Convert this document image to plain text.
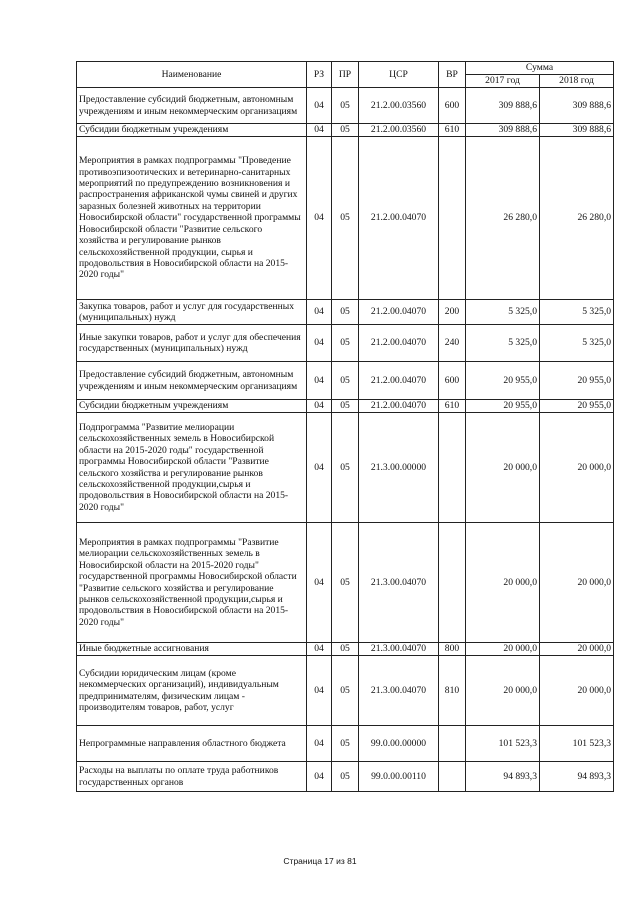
Наименование	РЗ	ПР	ЦСР	ВР	Сумма	
					2017 год	2018 год
Предоставление субсидий бюджетным, автономным учреждениям и иным некоммерческим организациям	04	05	21.2.00.03560	600	309 888,6	309 888,6
Субсидии бюджетным учреждениям	04	05	21.2.00.03560	610	309 888,6	309 888,6
Мероприятия в рамках подпрограммы "Проведение противоэпизоотических и ветеринарно-санитарных мероприятий по предупреждению возникновения и распространения африканской чумы свиней и других заразных болезней животных на территории Новосибирской области" государственной программы Новосибирской области "Развитие сельского хозяйства и регулирование рынков сельскохозяйственной продукции, сырья и продовольствия в Новосибирской области на 2015-2020 годы"	04	05	21.2.00.04070		26 280,0	26 280,0
Закупка товаров, работ и услуг для государственных (муниципальных) нужд	04	05	21.2.00.04070	200	5 325,0	5 325,0
Иные закупки товаров, работ и услуг для обеспечения государственных (муниципальных) нужд	04	05	21.2.00.04070	240	5 325,0	5 325,0
Предоставление субсидий бюджетным, автономным учреждениям и иным некоммерческим организациям	04	05	21.2.00.04070	600	20 955,0	20 955,0
Субсидии бюджетным учреждениям	04	05	21.2.00.04070	610	20 955,0	20 955,0
Подпрограмма "Развитие мелиорации сельскохозяйственных земель в Новосибирской области на 2015-2020 годы" государственной программы Новосибирской области "Развитие сельского хозяйства и регулирование рынков сельскохозяйственной продукции,сырья и продовольствия в Новосибирской области на 2015-2020 годы"	04	05	21.3.00.00000		20 000,0	20 000,0
Мероприятия в рамках подпрограммы "Развитие мелиорации сельскохозяйственных земель в Новосибирской области на 2015-2020 годы" государственной программы Новосибирской области "Развитие сельского хозяйства и регулирование рынков сельскохозяйственной продукции,сырья и продовольствия в Новосибирской области на 2015-2020 годы"	04	05	21.3.00.04070		20 000,0	20 000,0
Иные бюджетные ассигнования	04	05	21.3.00.04070	800	20 000,0	20 000,0
Субсидии юридическим лицам (кроме некоммерческих организаций), индивидуальным предпринимателям, физическим лицам - производителям товаров, работ, услуг	04	05	21.3.00.04070	810	20 000,0	20 000,0
Непрограммные направления областного бюджета	04	05	99.0.00.00000		101 523,3	101 523,3
Расходы на выплаты по оплате труда работников государственных органов	04	05	99.0.00.00110		94 893,3	94 893,3
Страница 17 из 81
